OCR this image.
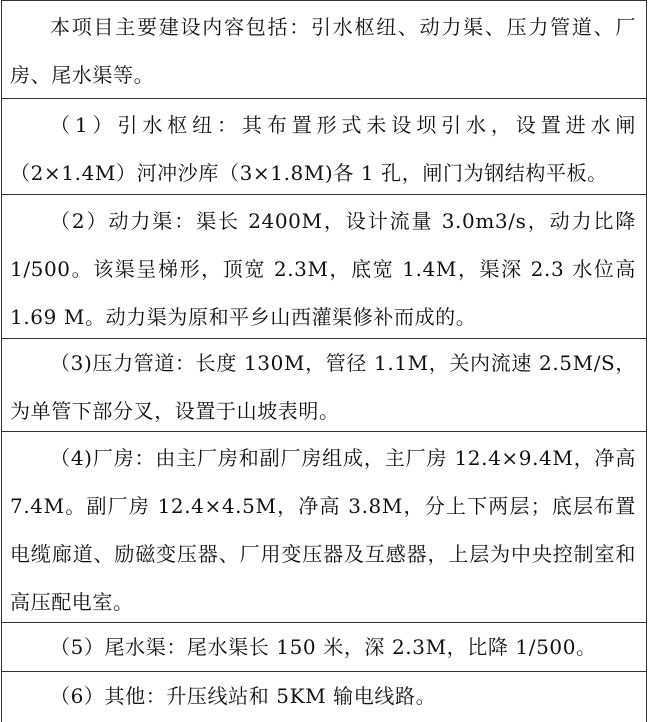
本项目主要建设内容包括：引水枢纽、动力渠、压力管道、厂房、尾水渠等。

（1）引水枢纽：其布置形式未设坝引水，设置进水闸（2×1.4M）河冲沙库（3×1.8M)各 1 孔，闸门为钢结构平板。

（2）动力渠：渠长 2400M，设计流量 3.0m3/s，动力比降 1/500。该渠呈梯形，顶宽 2.3M，底宽 1.4M，渠深 2.3 水位高 1.69 M。动力渠为原和平乡山西灌渠修补而成的。

（3)压力管道：长度 130M，管径 1.1M，关内流速 2.5M/S，为单管下部分叉，设置于山坡表明。

（4)厂房：由主厂房和副厂房组成，主厂房 12.4×9.4M，净高 7.4M。副厂房 12.4×4.5M，净高 3.8M，分上下两层；底层布置电缆廊道、励磁变压器、厂用变压器及互感器，上层为中央控制室和高压配电室。

（5）尾水渠：尾水渠长 150 米，深 2.3M，比降 1/500。

（6）其他：升压线站和 5KM 输电线路。
